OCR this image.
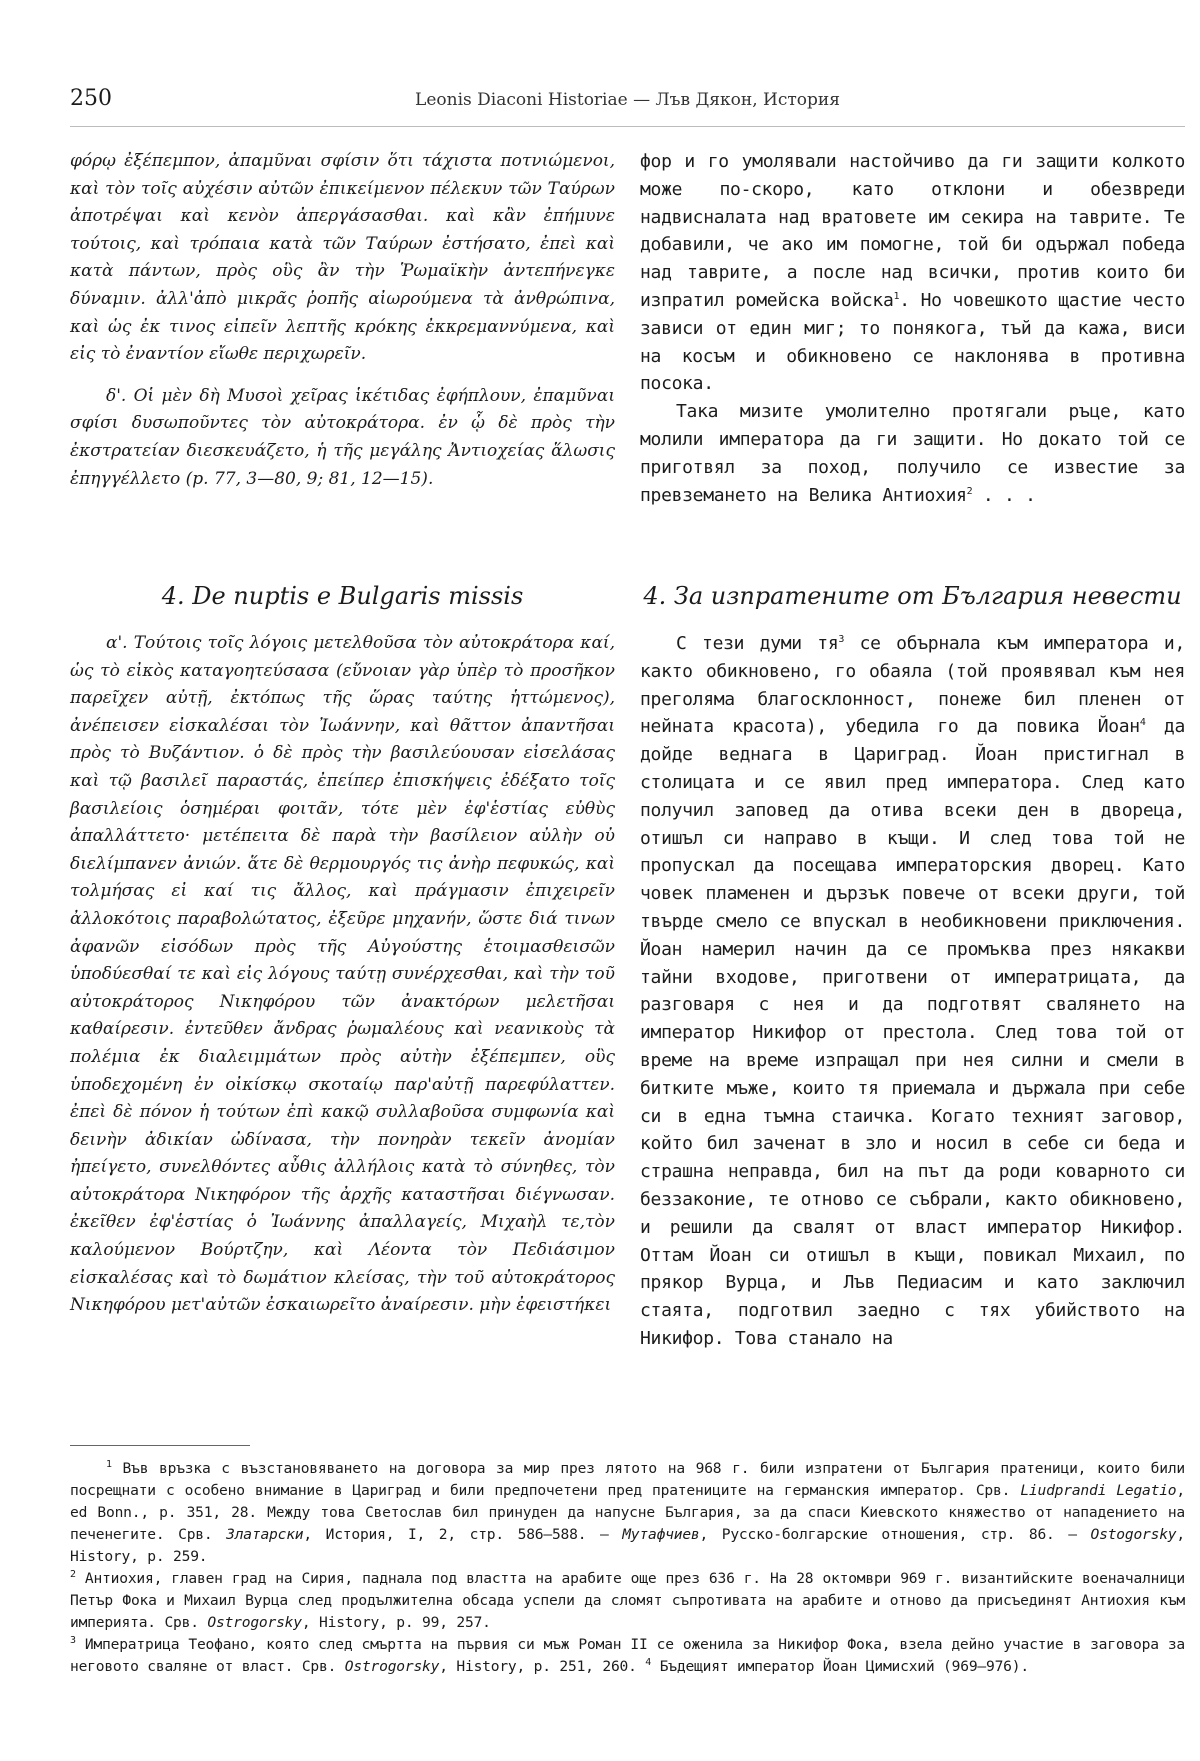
250	Leonis Diaconi Historiae — Лъв Дякон, История

φόρῳ ἐξέπεμπον, ἀπαμῦναι σφίσιν ὅτι τάχιστα ποτνιώμενοι, καὶ τὸν τοῖς αὐχέσιν αὐτῶν ἐπικείμενον πέλεκυν τῶν Ταύρων ἀποτρέψαι καὶ κενὸν ἀπεργάσασθαι. καὶ κἂν ἐπήμυνε τούτοις, καὶ τρόπαια κατὰ τῶν Ταύρων ἐστήσατο, ἐπεὶ καὶ κατὰ πάντων, πρὸς οὓς ἂν τὴν Ῥωμαϊκὴν ἀντεπήνεγκε δύναμιν. ἀλλ'ἀπὸ μικρᾶς ῥοπῆς αἰωρούμενα τὰ ἀνθρώπινα, καὶ ὡς ἐκ τινος εἰπεῖν λεπτῆς κρόκης ἐκκρεμαννύμενα, καὶ εἰς τὸ ἐναντίον εἴωθε περιχωρεῖν.

δ'. Οἱ μὲν δὴ Μυσοὶ χεῖρας ἱκέτιδας ἐφήπλουν, ἐπαμῦναι σφίσι δυσωποῦντες τὸν αὐτοκράτορα. ἐν ᾧ δὲ πρὸς τὴν ἐκστρατείαν διεσκευάζετο, ἡ τῆς μεγάλης Ἀντιοχείας ἅλωσις ἐπηγγέλλετο (p. 77, 3—80, 9; 81, 12—15).

фор и го умолявали настойчиво да ги защити колкото може по-скоро, като отклони и обезвреди надвисналата над вратовете им секира на таврите. Те добавили, че ако им помогне, той би одържал победа над таврите, а после над всички, против които би изпратил ромейска войска$^1$. Но човешкото щастие често зависи от един миг; то понякога, тъй да кажа, виси на косъм и обикновено се наклонява в противна посока.

Така мизите умолително протягали ръце, като молили императора да ги защити. Но докато той се приготвял за поход, получило се известие за превземането на Велика Антиохия$^2$ . . .

4. De nuptis e Bulgaris missis	4. За изпратените от България невести

α'. Τούτοις τοῖς λόγοις μετελθοῦσα τὸν αὐτοκράτορα καί, ὡς τὸ εἰκὸς καταγοητεύσασα (εὔνοιαν γὰρ ὑπὲρ τὸ προσῆκον παρεῖχεν αὐτῇ, ἐκτόπως τῆς ὥρας ταύτης ἡττώμενος), ἀνέπεισεν εἰσκαλέσαι τὸν Ἰωάννην, καὶ θᾶττον ἀπαντῆσαι πρὸς τὸ Βυζάντιον. ὁ δὲ πρὸς τὴν βασιλεύουσαν εἰσελάσας καὶ τῷ βασιλεῖ παραστάς, ἐπείπερ ἐπισκήψεις ἐδέξατο τοῖς βασιλείοις ὁσημέραι φοιτᾶν, τότε μὲν ἐφ'ἑστίας εὐθὺς ἀπαλλάττετο· μετέπειτα δὲ παρὰ τὴν βασίλειον αὐλὴν οὐ διελίμπανεν ἀνιών. ἅτε δὲ θερμουργός τις ἀνὴρ πεφυκώς, καὶ τολμήσας εἰ καί τις ἄλλος, καὶ πράγμασιν ἐπιχειρεῖν ἀλλοκότοις παραβολώτατος, ἐξεῦρε μηχανήν, ὥστε διά τινων ἀφανῶν εἰσόδων πρὸς τῆς Αὐγούστης ἑτοιμασθεισῶν ὑποδύεσθαί τε καὶ εἰς λόγους ταύτῃ συνέρχεσθαι, καὶ τὴν τοῦ αὐτοκράτορος Νικηφόρου τῶν ἀνακτόρων μελετῆσαι καθαίρεσιν. ἐντεῦθεν ἄνδρας ῥωμαλέους καὶ νεανικοὺς τὰ πολέμια ἐκ διαλειμμάτων πρὸς αὐτὴν ἐξέπεμπεν, οὓς ὑποδεχομένη ἐν οἰκίσκῳ σκοταίῳ παρ'αὐτῇ παρεφύλαττεν. ἐπεὶ δὲ πόνον ἡ τούτων ἐπὶ κακῷ συλλαβοῦσα συμφωνία καὶ δεινὴν ἀδικίαν ὠδίνασα, τὴν πονηρὰν τεκεῖν ἀνομίαν ἠπείγετο, συνελθόντες αὖθις ἀλλήλοις κατὰ τὸ σύνηθες, τὸν αὐτοκράτορα Νικηφόρον τῆς ἀρχῆς καταστῆσαι διέγνωσαν. ἐκεῖθεν ἐφ'ἑστίας ὁ Ἰωάννης ἀπαλλαγείς, Μιχαὴλ τε,τὸν καλούμενον Βούρτζην, καὶ Λέοντα τὸν Πεδιάσιμον εἰσκαλέσας καὶ τὸ δωμάτιον κλείσας, τὴν τοῦ αὐτοκράτορος Νικηφόρου μετ'αὐτῶν ἐσκαιωρεῖτο ἀναίρεσιν. μὴν ἐφειστήκει

С тези думи $тя^3$ се обърнала към императора и, както обикновено, го обаяла (той проявявал към нея преголяма благосклонност, понеже бил пленен от нейната красота), убедила го да повика Йоан$^4$ да дойде веднага в Цариград. Йоан пристигнал в столицата и се явил пред императора. След като получил заповед да отива всеки ден в двореца, отишъл си направо в къщи. И след това той не пропускал да посещава императорския дворец. Като човек пламенен и дързък повече от всеки други, той твърде смело се впускал в необикновени приключения. Йоан намерил начин да се промъква през някакви тайни входове, приготвени от императрицата, да разговаря с нея и да подготвят свалянето на император Никифор от престола. След това той от време на време изпращал при нея силни и смели в битките мъже, които тя приемала и държала при себе си в една тъмна стаичка. Когато техният заговор, който бил заченат в зло и носил в себе си беда и страшна неправда, бил на път да роди коварното си беззаконие, те отново се събрали, както обикновено, и решили да свалят от власт император Никифор. Оттам Йоан си отишъл в къщи, повикал Михаил, по прякор Вурца, и Лъв Педиасим и като заключил стаята, подготвил заедно с тях убийството на Никифор. Това станало на

$^1$ Във връзка с възстановяването на договора за мир през лятото на 968 г. били изпратени от България пратеници, които били посрещнати с особено внимание в Цариград и били предпочетени пред пратениците на германския император. Срв. Liudprandi Legatio, ed Bonn., p. 351, 28. Между това Светослав бил принуден да напусне България, за да спаси Киевското княжество от нападението на печенегите. Срв. Златарски, История, I, 2, стр. 586—588. — Мутафчиев, Русско-болгарские отношения, стр. 86. — Ostogorsky, History, p. 259.

$^2$ Антиохия, главен град на Сирия, паднала под властта на арабите още през 636 г. На 28 октомври 969 г. византийските военачалници Петър Фока и Михаил Вурца след продължителна обсада успели да сломят съпротивата на арабите и отново да присъединят Антиохия към империята. Срв. Ostrogorsky, History, p. 99, 257.

$^3$ Императрица Теофано, която след смъртта на първия си мъж Роман II се оженила за Никифор Фока, взела дейно участие в заговора за неговото сваляне от власт. Срв. Ostrogorsky, History, p. 251, 260. $^4$ Бъдещият император Йоан Цимисхий (969—976).
